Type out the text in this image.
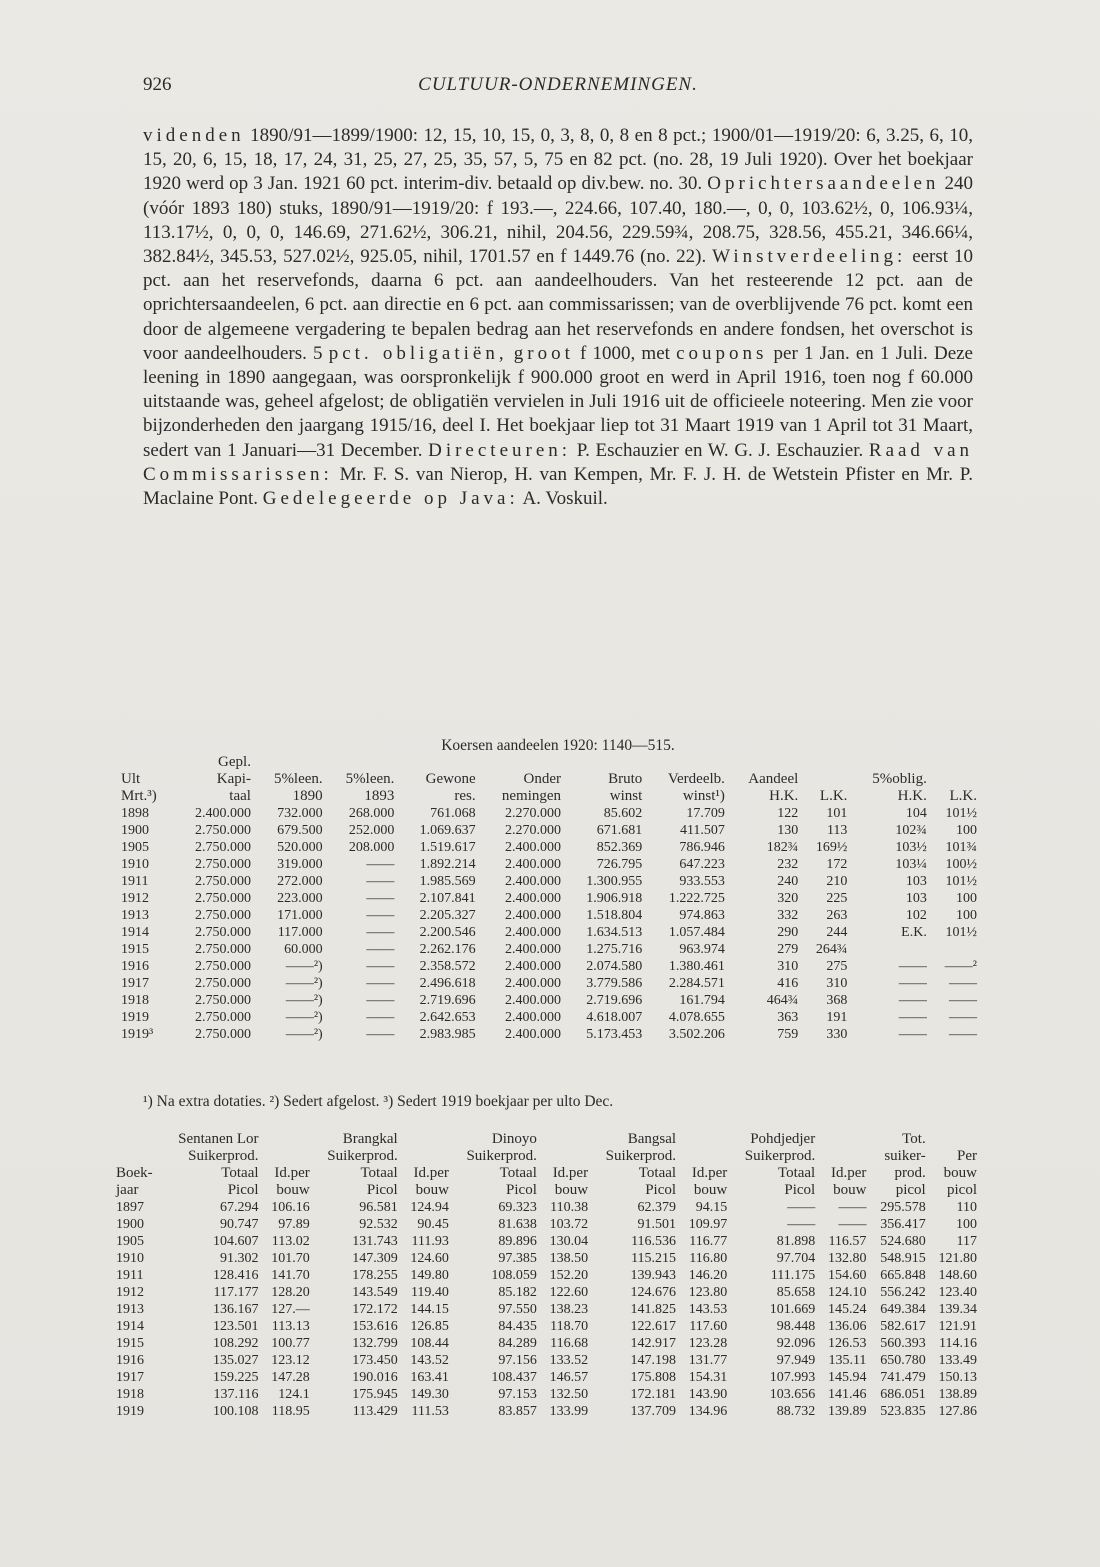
926	CULTUUR-ONDERNEMINGEN.

videnden 1890/91—1899/1900: 12, 15, 10, 15, 0, 3, 8, 0, 8 en 8 pct.; 1900/01—1919/20: 6, 3.25, 6, 10, 15, 20, 6, 15, 18, 17, 24, 31, 25, 27, 25, 35, 57, 5, 75 en 82 pct. (no. 28, 19 Juli 1920). Over het boekjaar 1920 werd op 3 Jan. 1921 60 pct. interim-div. betaald op div.bew. no. 30. Oprichtersaandeelen 240 (vóór 1893 180) stuks, 1890/91—1919/20: f 193.—, 224.66, 107.40, 180.—, 0, 0, 103.62½, 0, 106.93¼, 113.17½, 0, 0, 0, 146.69, 271.62½, 306.21, nihil, 204.56, 229.59¾, 208.75, 328.56, 455.21, 346.66¼, 382.84½, 345.53, 527.02½, 925.05, nihil, 1701.57 en f 1449.76 (no. 22). Winstverdeeling: eerst 10 pct. aan het reservefonds, daarna 6 pct. aan aandeelhouders. Van het resteerende 12 pct. aan de oprichtersaandeelen, 6 pct. aan directie en 6 pct. aan commissarissen; van de overblijvende 76 pct. komt een door de algemeene vergadering te bepalen bedrag aan het reservefonds en andere fondsen, het overschot is voor aandeelhouders. 5 pct. obligatiën, groot f 1000, met coupons per 1 Jan. en 1 Juli. Deze leening in 1890 aangegaan, was oorspronkelijk f 900.000 groot en werd in April 1916, toen nog f 60.000 uitstaande was, geheel afgelost; de obligatiën vervielen in Juli 1916 uit de officieele noteering. Men zie voor bijzonderheden den jaargang 1915/16, deel I. Het boekjaar liep tot 31 Maart 1919 van 1 April tot 31 Maart, sedert van 1 Januari—31 December. Directeuren: P. Eschauzier en W. G. J. Eschauzier. Raad van Commissarissen: Mr. F. S. van Nierop, H. van Kempen, Mr. F. J. H. de Wetstein Pfister en Mr. P. Maclaine Pont. Gedelegeerde op Java: A. Voskuil.

Koersen aandeelen 1920: 1140—515.
	Gepl.										
Ult	Kapi-	5%leen.	5%leen.	Gewone	Onder	Bruto	Verdeelb.	Aandeel		5%oblig.	
Mrt.³)	taal	1890	1893	res.	nemingen	winst	winst¹)	H.K.	L.K.	H.K.	L.K.
1898	2.400.000	732.000	268.000	761.068	2.270.000	85.602	17.709	122	101	104	101½
1900	2.750.000	679.500	252.000	1.069.637	2.270.000	671.681	411.507	130	113	102¾	100
1905	2.750.000	520.000	208.000	1.519.617	2.400.000	852.369	786.946	182¾	169½	103½	101¾
1910	2.750.000	319.000	——	1.892.214	2.400.000	726.795	647.223	232	172	103¼	100½
1911	2.750.000	272.000	——	1.985.569	2.400.000	1.300.955	933.553	240	210	103	101½
1912	2.750.000	223.000	——	2.107.841	2.400.000	1.906.918	1.222.725	320	225	103	100
1913	2.750.000	171.000	——	2.205.327	2.400.000	1.518.804	974.863	332	263	102	100
1914	2.750.000	117.000	——	2.200.546	2.400.000	1.634.513	1.057.484	290	244	E.K.	101½
1915	2.750.000	60.000	——	2.262.176	2.400.000	1.275.716	963.974	279	264¾		
1916	2.750.000	——²)	——	2.358.572	2.400.000	2.074.580	1.380.461	310	275	——	——²
1917	2.750.000	——²)	——	2.496.618	2.400.000	3.779.586	2.284.571	416	310	——	——
1918	2.750.000	——²)	——	2.719.696	2.400.000	2.719.696	161.794	464¾	368	——	——
1919	2.750.000	——²)	——	2.642.653	2.400.000	4.618.007	4.078.655	363	191	——	——
1919³	2.750.000	——²)	——	2.983.985	2.400.000	5.173.453	3.502.206	759	330	——	——
¹) Na extra dotaties. ²) Sedert afgelost. ³) Sedert 1919 boekjaar per ulto Dec.
	Sentanen Lor		Brangkal		Dinoyo		Bangsal		Pohdjedjer		Tot.	
	Suikerprod.		Suikerprod.		Suikerprod.		Suikerprod.		Suikerprod.		suiker-	Per
Boek-	Totaal	Id.per	Totaal	Id.per	Totaal	Id.per	Totaal	Id.per	Totaal	Id.per	prod.	bouw
jaar	Picol	bouw	Picol	bouw	Picol	bouw	Picol	bouw	Picol	bouw	picol	picol
1897	67.294	106.16	96.581	124.94	69.323	110.38	62.379	94.15	——	——	295.578	110
1900	90.747	97.89	92.532	90.45	81.638	103.72	91.501	109.97	——	——	356.417	100
1905	104.607	113.02	131.743	111.93	89.896	130.04	116.536	116.77	81.898	116.57	524.680	117
1910	91.302	101.70	147.309	124.60	97.385	138.50	115.215	116.80	97.704	132.80	548.915	121.80
1911	128.416	141.70	178.255	149.80	108.059	152.20	139.943	146.20	111.175	154.60	665.848	148.60
1912	117.177	128.20	143.549	119.40	85.182	122.60	124.676	123.80	85.658	124.10	556.242	123.40
1913	136.167	127.—	172.172	144.15	97.550	138.23	141.825	143.53	101.669	145.24	649.384	139.34
1914	123.501	113.13	153.616	126.85	84.435	118.70	122.617	117.60	98.448	136.06	582.617	121.91
1915	108.292	100.77	132.799	108.44	84.289	116.68	142.917	123.28	92.096	126.53	560.393	114.16
1916	135.027	123.12	173.450	143.52	97.156	133.52	147.198	131.77	97.949	135.11	650.780	133.49
1917	159.225	147.28	190.016	163.41	108.437	146.57	175.808	154.31	107.993	145.94	741.479	150.13
1918	137.116	124.1	175.945	149.30	97.153	132.50	172.181	143.90	103.656	141.46	686.051	138.89
1919	100.108	118.95	113.429	111.53	83.857	133.99	137.709	134.96	88.732	139.89	523.835	127.86
